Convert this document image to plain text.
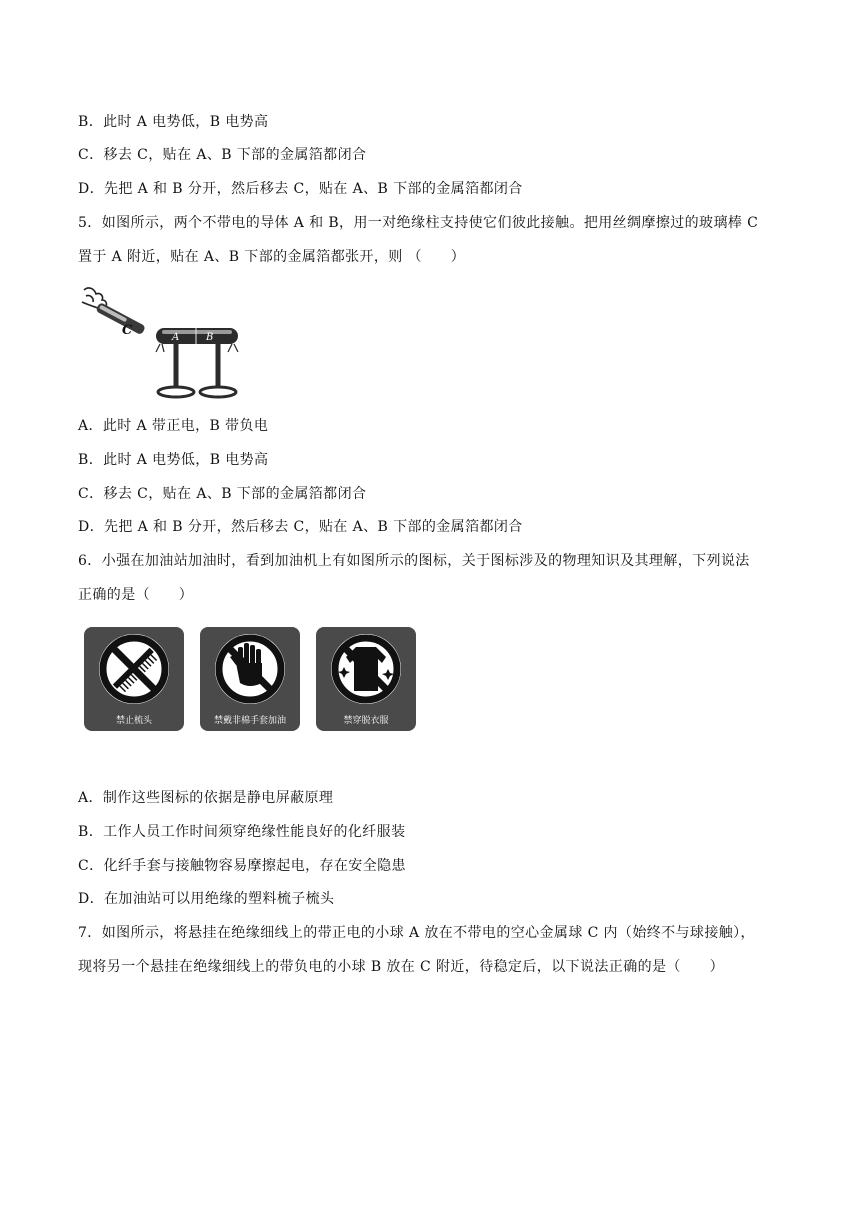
B．此时 A 电势低，B 电势高
C．移去 C，贴在 A、B 下部的金属箔都闭合
D．先把 A 和 B 分开，然后移去 C，贴在 A、B 下部的金属箔都闭合
5．如图所示，两个不带电的导体 A 和 B，用一对绝缘柱支持使它们彼此接触。把用丝绸摩擦过的玻璃棒 C
置于 A 附近，贴在 A、B 下部的金属箔都张开，则 （　　）
C	A	B
A．此时 A 带正电，B 带负电
B．此时 A 电势低，B 电势高
C．移去 C，贴在 A、B 下部的金属箔都闭合
D．先把 A 和 B 分开，然后移去 C，贴在 A、B 下部的金属箔都闭合
6．小强在加油站加油时，看到加油机上有如图所示的图标，关于图标涉及的物理知识及其理解，下列说法
正确的是（　　）
禁止梳头	禁戴非棉手套加油	禁穿脱衣服
A．制作这些图标的依据是静电屏蔽原理
B．工作人员工作时间须穿绝缘性能良好的化纤服装
C．化纤手套与接触物容易摩擦起电，存在安全隐患
D．在加油站可以用绝缘的塑料梳子梳头
7．如图所示，将悬挂在绝缘细线上的带正电的小球 A 放在不带电的空心金属球 C 内（始终不与球接触），
现将另一个悬挂在绝缘细线上的带负电的小球 B 放在 C 附近，待稳定后，以下说法正确的是（　　）
